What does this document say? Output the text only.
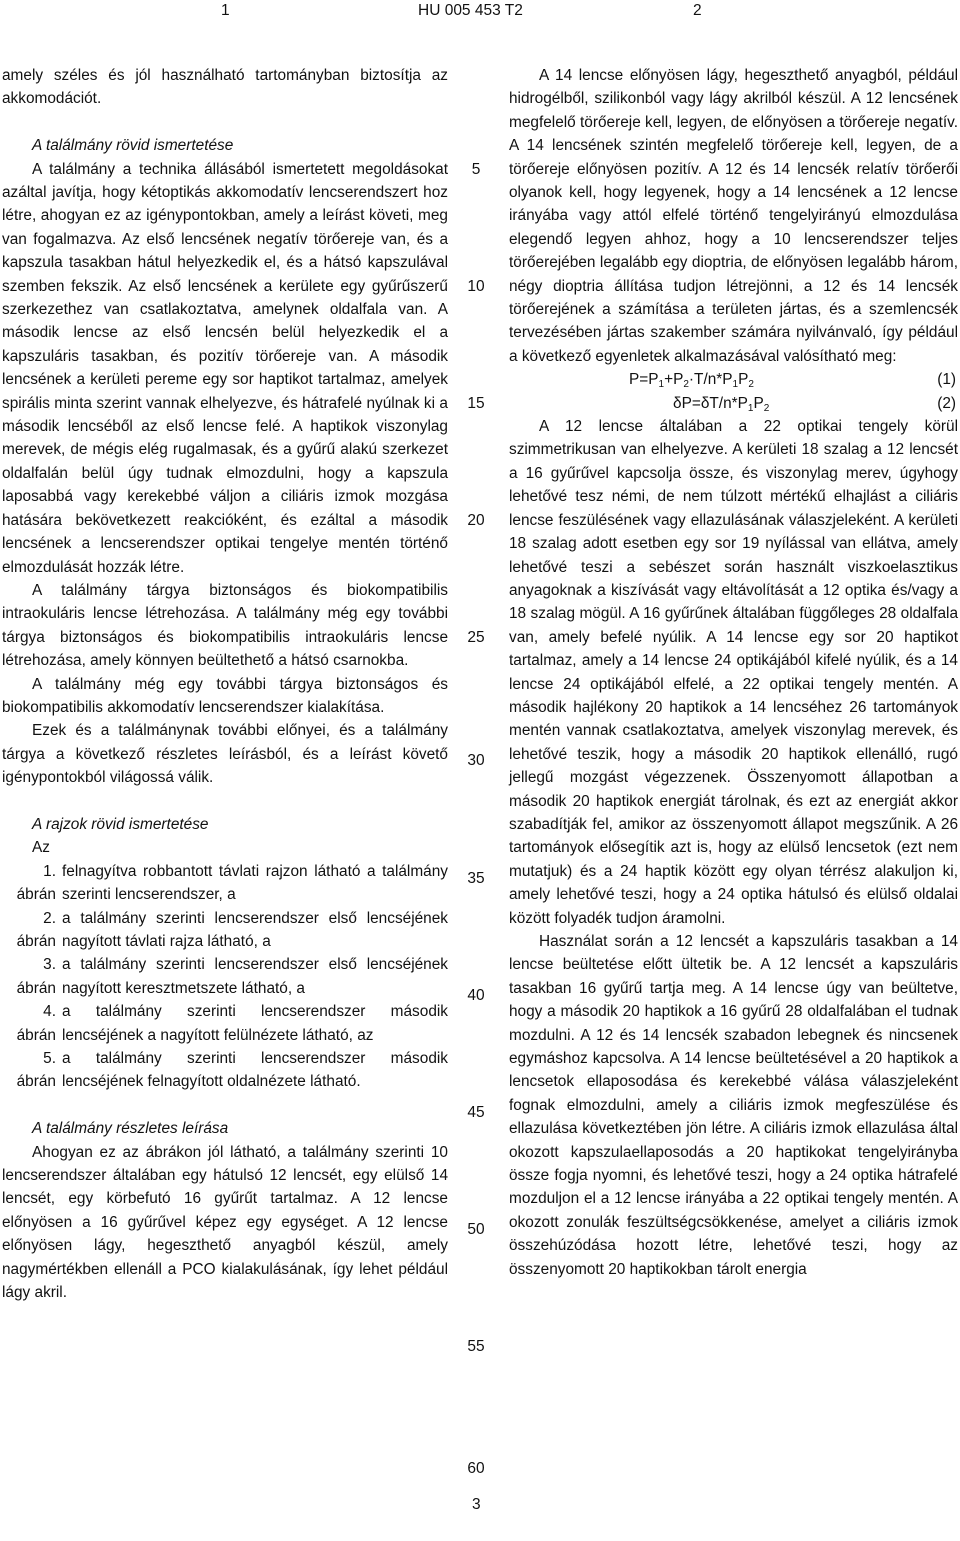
1	HU 005 453 T2	2

amely széles és jól használható tartományban biztosítja az akkomodációt.

A találmány rövid ismertetése

A találmány a technika állásából ismertetett megoldásokat azáltal javítja, hogy kétoptikás akkomodatív lencserendszert hoz létre, ahogyan ez az igénypontokban, amely a leírást követi, meg van fogalmazva. Az első lencsének negatív törőereje van, és a kapszula tasakban hátul helyezkedik el, és a hátsó kapszulával szemben fekszik. Az első lencsének a kerülete egy gyűrűszerű szerkezethez van csatlakoztatva, amelynek oldalfala van. A második lencse az első lencsén belül helyezkedik el a kapszuláris tasakban, és pozitív törőereje van. A második lencsének a kerületi pereme egy sor haptikot tartalmaz, amelyek spirális minta szerint vannak elhelyezve, és hátrafelé nyúlnak ki a második lencséből az első lencse felé. A haptikok viszonylag merevek, de mégis elég rugalmasak, és a gyűrű alakú szerkezet oldalfalán belül úgy tudnak elmozdulni, hogy a kapszula laposabbá vagy kerekebbé váljon a ciliáris izmok mozgása hatására bekövetkezett reakcióként, és ezáltal a második lencsének a lencserendszer optikai tengelye mentén történő elmozdulását hozzák létre.

A találmány tárgya biztonságos és biokompatibilis intraokuláris lencse létrehozása. A találmány még egy további tárgya biztonságos és biokompatibilis intraokuláris lencse létrehozása, amely könnyen beültethető a hátsó csarnokba.

A találmány még egy további tárgya biztonságos és biokompatibilis akkomodatív lencserendszer kialakítása.

Ezek és a találmánynak további előnyei, és a találmány tárgya a következő részletes leírásból, és a leírást követő igénypontokból világossá válik.

A rajzok rövid ismertetése

Az

1. ábrán
felnagyítva robbantott távlati rajzon látható a találmány szerinti lencserendszer, a
2. ábrán
a találmány szerinti lencserendszer első lencséjének nagyított távlati rajza látható, a
3. ábrán
a találmány szerinti lencserendszer első lencséjének nagyított keresztmetszete látható, a
4. ábrán
a találmány szerinti lencserendszer második lencséjének a nagyított felülnézete látható, az
5. ábrán
a találmány szerinti lencserendszer második lencséjének felnagyított oldalnézete látható.

A találmány részletes leírása

Ahogyan ez az ábrákon jól látható, a találmány szerinti 10 lencserendszer általában egy hátulsó 12 lencsét, egy elülső 14 lencsét, egy körbefutó 16 gyűrűt tartalmaz. A 12 lencse előnyösen a 16 gyűrűvel képez egy egységet. A 12 lencse előnyösen lágy, hegeszthető anyagból készül, amely nagymértékben ellenáll a PCO kialakulásának, így lehet például lágy akril.

5
10
15
20
25
30
35
40
45
50
55
60

A 14 lencse előnyösen lágy, hegeszthető anyagból, például hidrogélből, szilikonból vagy lágy akrilból készül. A 12 lencsének megfelelő törőereje kell, legyen, de előnyösen a törőereje negatív. A 14 lencsének szintén megfelelő törőereje kell, legyen, de a törőereje előnyösen pozitív. A 12 és 14 lencsék relatív törőerői olyanok kell, hogy legyenek, hogy a 14 lencsének a 12 lencse irányába vagy attól elfelé történő tengelyirányú elmozdulása elegendő legyen ahhoz, hogy a 10 lencserendszer teljes törőerejében legalább egy dioptria, de előnyösen legalább három, négy dioptria állítása tudjon létrejönni, a 12 és 14 lencsék törőerejének a számítása a területen jártas, és a szemlencsék tervezésében jártas szakember számára nyilvánvaló, így például a következő egyenletek alkalmazásával valósítható meg:

$P=P_1+P_2\cdot T/n*P_1P_2$	(1)
$\delta P=\delta T/n*P_1P_2$	(2)

A 12 lencse általában a 22 optikai tengely körül szimmetrikusan van elhelyezve. A kerületi 18 szalag a 12 lencsét a 16 gyűrűvel kapcsolja össze, és viszonylag merev, úgyhogy lehetővé tesz némi, de nem túlzott mértékű elhajlást a ciliáris lencse feszülésének vagy ellazulásának válaszjeleként. A kerületi 18 szalag adott esetben egy sor 19 nyílással van ellátva, amely lehetővé teszi a sebészet során használt viszkoelasztikus anyagoknak a kiszívását vagy eltávolítását a 12 optika és/vagy a 18 szalag mögül. A 16 gyűrűnek általában függőleges 28 oldalfala van, amely befelé nyúlik. A 14 lencse egy sor 20 haptikot tartalmaz, amely a 14 lencse 24 optikájából kifelé nyúlik, és a 14 lencse 24 optikájából elfelé, a 22 optikai tengely mentén. A második hajlékony 20 haptikok a 14 lencséhez 26 tartományok mentén vannak csatlakoztatva, amelyek viszonylag merevek, és lehetővé teszik, hogy a második 20 haptikok ellenálló, rugó jellegű mozgást végezzenek. Összenyomott állapotban a második 20 haptikok energiát tárolnak, és ezt az energiát akkor szabadítják fel, amikor az összenyomott állapot megszűnik. A 26 tartományok elősegítik azt is, hogy az elülső lencsetok (ezt nem mutatjuk) és a 24 haptik között egy olyan térrész alakuljon ki, amely lehetővé teszi, hogy a 24 optika hátulsó és elülső oldalai között folyadék tudjon áramolni.

Használat során a 12 lencsét a kapszuláris tasakban a 14 lencse beültetése előtt ültetik be. A 12 lencsét a kapszuláris tasakban 16 gyűrű tartja meg. A 14 lencse úgy van beültetve, hogy a második 20 haptikok a 16 gyűrű 28 oldalfalában el tudnak mozdulni. A 12 és 14 lencsék szabadon lebegnek és nincsenek egymáshoz kapcsolva. A 14 lencse beültetésével a 20 haptikok a lencsetok ellaposodása és kerekebbé válása válaszjeleként fognak elmozdulni, amely a ciliáris izmok megfeszülése és ellazulása következtében jön létre. A ciliáris izmok ellazulása által okozott kapszulaellaposodás a 20 haptikokat tengelyirányba össze fogja nyomni, és lehetővé teszi, hogy a 24 optika hátrafelé mozduljon el a 12 lencse irányába a 22 optikai tengely mentén. A okozott zonulák feszültségcsökkenése, amelyet a ciliáris izmok összehúzódása hozott létre, lehetővé teszi, hogy az összenyomott 20 haptikokban tárolt energia

3
